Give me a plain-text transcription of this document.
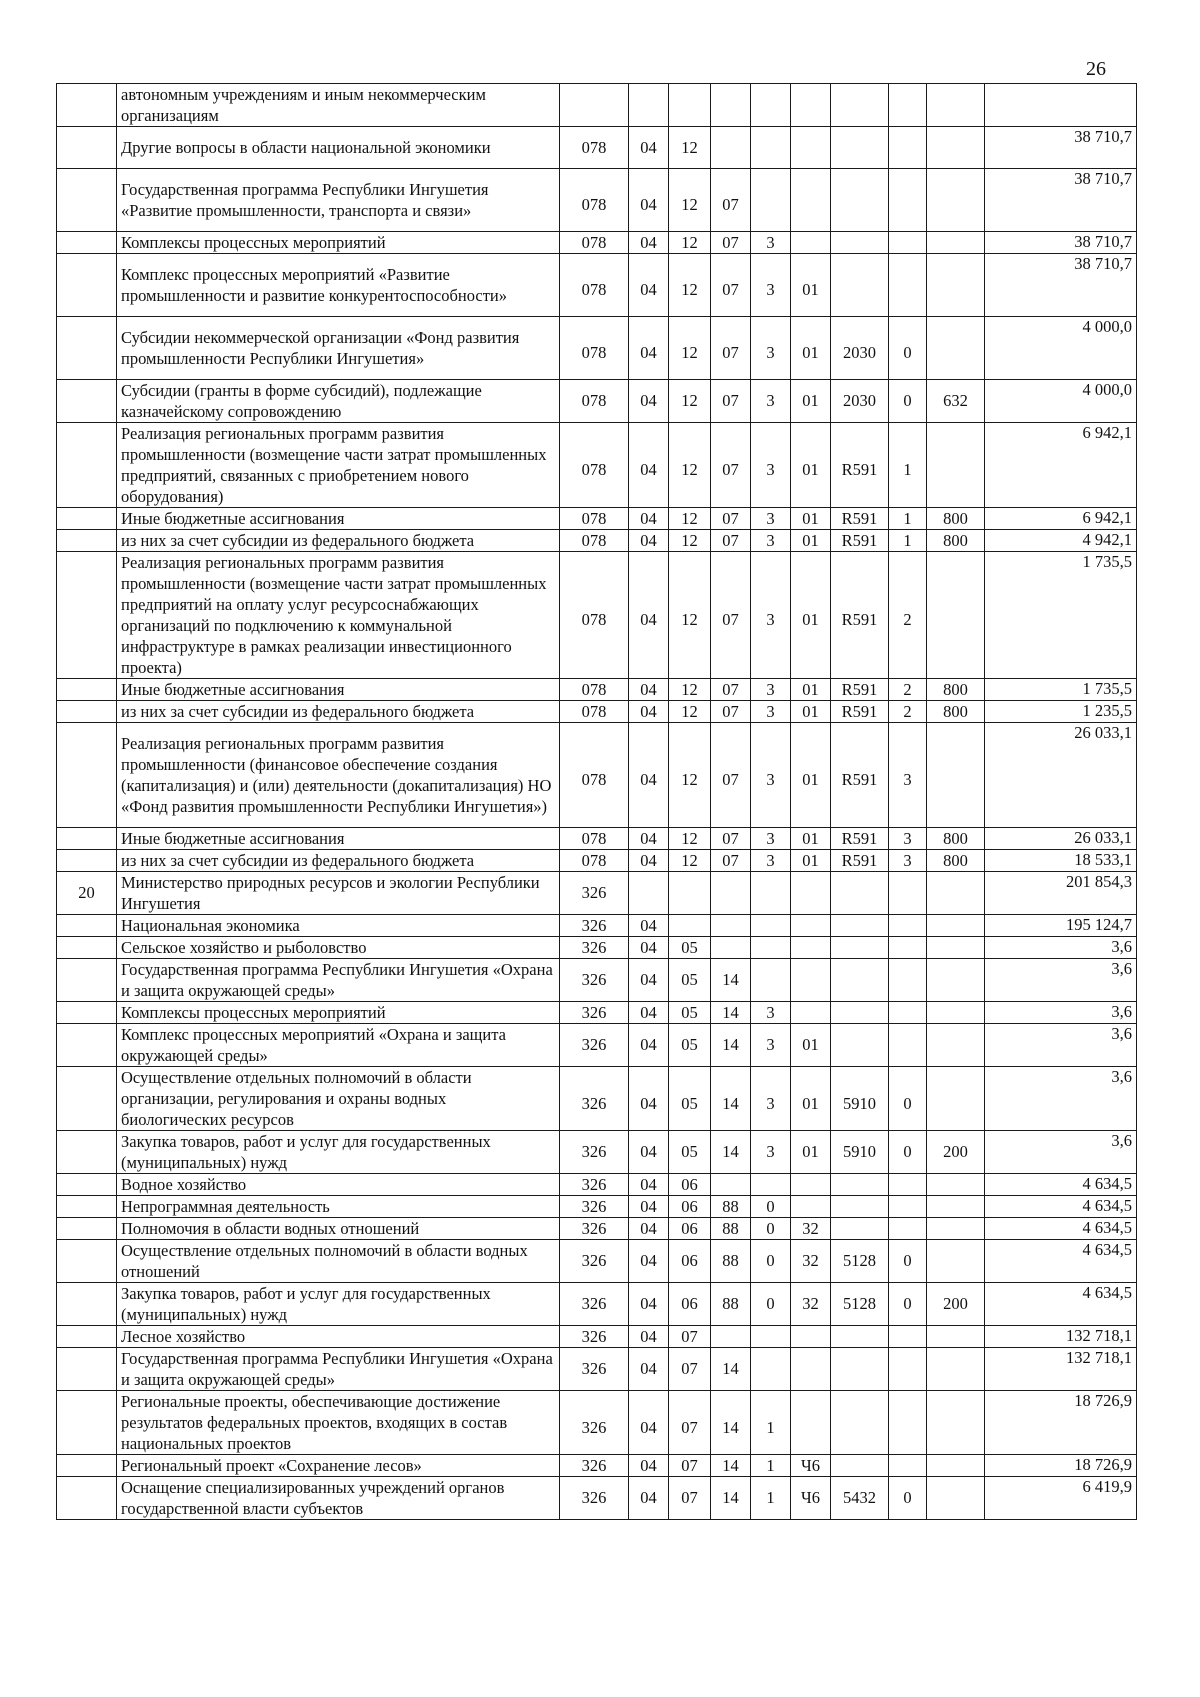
26
	автономным учреждениям и иным некоммерческим организациям										
	Другие вопросы в области национальной экономики	078	04	12							38 710,7
	Государственная программа Республики Ингушетия «Развитие промышленности, транспорта и связи»	078	04	12	07						38 710,7
	Комплексы процессных мероприятий	078	04	12	07	3					38 710,7
	Комплекс процессных мероприятий «Развитие промышленности и развитие конкурентоспособности»	078	04	12	07	3	01				38 710,7
	Субсидии некоммерческой организации «Фонд развития промышленности Республики Ингушетия»	078	04	12	07	3	01	2030	0		4 000,0
	Субсидии (гранты в форме субсидий), подлежащие казначейскому сопровождению	078	04	12	07	3	01	2030	0	632	4 000,0
	Реализация региональных программ развития промышленности (возмещение части затрат промышленных предприятий, связанных с приобретением нового оборудования)	078	04	12	07	3	01	R591	1		6 942,1
	Иные бюджетные ассигнования	078	04	12	07	3	01	R591	1	800	6 942,1
	из них за счет субсидии из федерального бюджета	078	04	12	07	3	01	R591	1	800	4 942,1
	Реализация региональных программ развития промышленности (возмещение части затрат промышленных предприятий на оплату услуг ресурсоснабжающих организаций по подключению к коммунальной инфраструктуре в рамках реализации инвестиционного проекта)	078	04	12	07	3	01	R591	2		1 735,5
	Иные бюджетные ассигнования	078	04	12	07	3	01	R591	2	800	1 735,5
	из них за счет субсидии из федерального бюджета	078	04	12	07	3	01	R591	2	800	1 235,5
	Реализация региональных программ развития промышленности (финансовое обеспечение создания (капитализация) и (или) деятельности (докапитализация) НО «Фонд развития промышленности Республики Ингушетия»)	078	04	12	07	3	01	R591	3		26 033,1
	Иные бюджетные ассигнования	078	04	12	07	3	01	R591	3	800	26 033,1
	из них за счет субсидии из федерального бюджета	078	04	12	07	3	01	R591	3	800	18 533,1
20	Министерство природных ресурсов и экологии Республики Ингушетия	326									201 854,3
	Национальная экономика	326	04								195 124,7
	Сельское хозяйство и рыболовство	326	04	05							3,6
	Государственная программа Республики Ингушетия «Охрана и защита окружающей среды»	326	04	05	14						3,6
	Комплексы процессных мероприятий	326	04	05	14	3					3,6
	Комплекс процессных мероприятий «Охрана и защита окружающей среды»	326	04	05	14	3	01				3,6
	Осуществление отдельных полномочий в области организации, регулирования и охраны водных биологических ресурсов	326	04	05	14	3	01	5910	0		3,6
	Закупка товаров, работ и услуг для государственных (муниципальных) нужд	326	04	05	14	3	01	5910	0	200	3,6
	Водное хозяйство	326	04	06							4 634,5
	Непрограммная деятельность	326	04	06	88	0					4 634,5
	Полномочия в области водных отношений	326	04	06	88	0	32				4 634,5
	Осуществление отдельных полномочий в области водных отношений	326	04	06	88	0	32	5128	0		4 634,5
	Закупка товаров, работ и услуг для государственных (муниципальных) нужд	326	04	06	88	0	32	5128	0	200	4 634,5
	Лесное хозяйство	326	04	07							132 718,1
	Государственная программа Республики Ингушетия «Охрана и защита окружающей среды»	326	04	07	14						132 718,1
	Региональные проекты, обеспечивающие достижение результатов федеральных проектов, входящих в состав национальных проектов	326	04	07	14	1					18 726,9
	Региональный проект «Сохранение лесов»	326	04	07	14	1	Ч6				18 726,9
	Оснащение специализированных учреждений органов государственной власти субъектов	326	04	07	14	1	Ч6	5432	0		6 419,9
